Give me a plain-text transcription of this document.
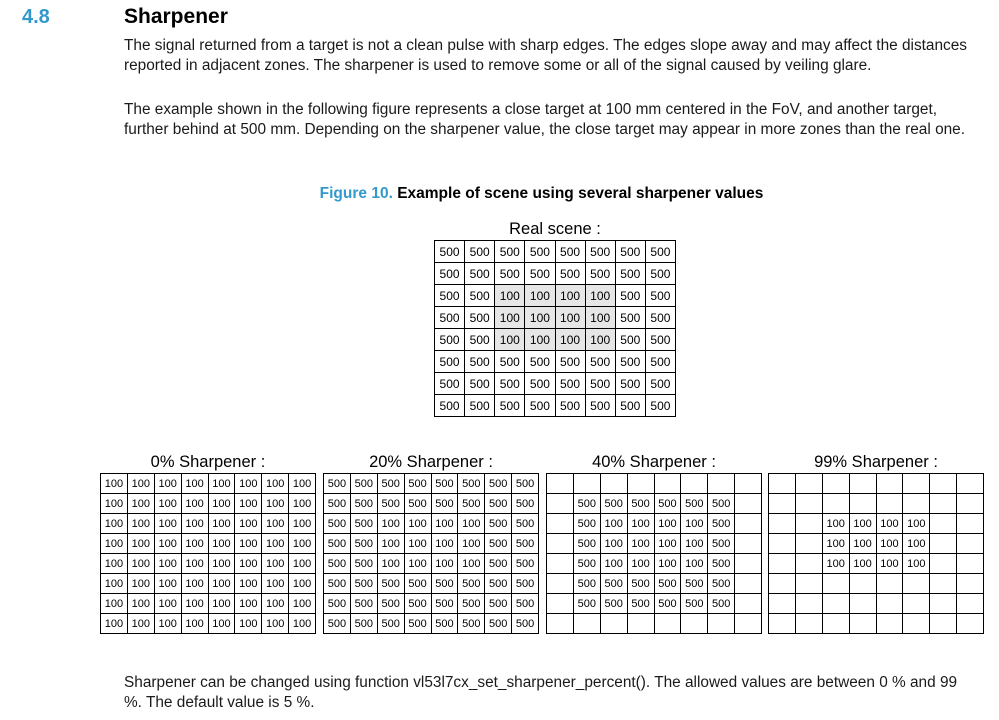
4.8	Sharpener

The signal returned from a target is not a clean pulse with sharp edges. The edges slope away and may affect the distances reported in adjacent zones. The sharpener is used to remove some or all of the signal caused by veiling glare.

The example shown in the following figure represents a close target at 100 mm centered in the FoV, and another target, further behind at 500 mm. Depending on the sharpener value, the close target may appear in more zones than the real one.

Figure 10. Example of scene using several sharpener values
Real scene :
500	500	500	500	500	500	500	500
500	500	500	500	500	500	500	500
500	500	100	100	100	100	500	500
500	500	100	100	100	100	500	500
500	500	100	100	100	100	500	500
500	500	500	500	500	500	500	500
500	500	500	500	500	500	500	500
500	500	500	500	500	500	500	500
0% Sharpener :
100	100	100	100	100	100	100	100
100	100	100	100	100	100	100	100
100	100	100	100	100	100	100	100
100	100	100	100	100	100	100	100
100	100	100	100	100	100	100	100
100	100	100	100	100	100	100	100
100	100	100	100	100	100	100	100
100	100	100	100	100	100	100	100
20% Sharpener :
500	500	500	500	500	500	500	500
500	500	500	500	500	500	500	500
500	500	100	100	100	100	500	500
500	500	100	100	100	100	500	500
500	500	100	100	100	100	500	500
500	500	500	500	500	500	500	500
500	500	500	500	500	500	500	500
500	500	500	500	500	500	500	500
40% Sharpener :

	500	500	500	500	500	500	
	500	100	100	100	100	500	
	500	100	100	100	100	500	
	500	100	100	100	100	500	
	500	500	500	500	500	500	
	500	500	500	500	500	500	

99% Sharpener :

		100	100	100	100		
		100	100	100	100		
		100	100	100	100		

Sharpener can be changed using function vl53l7cx_set_sharpener_percent(). The allowed values are between 0 % and 99 %. The default value is 5 %.
